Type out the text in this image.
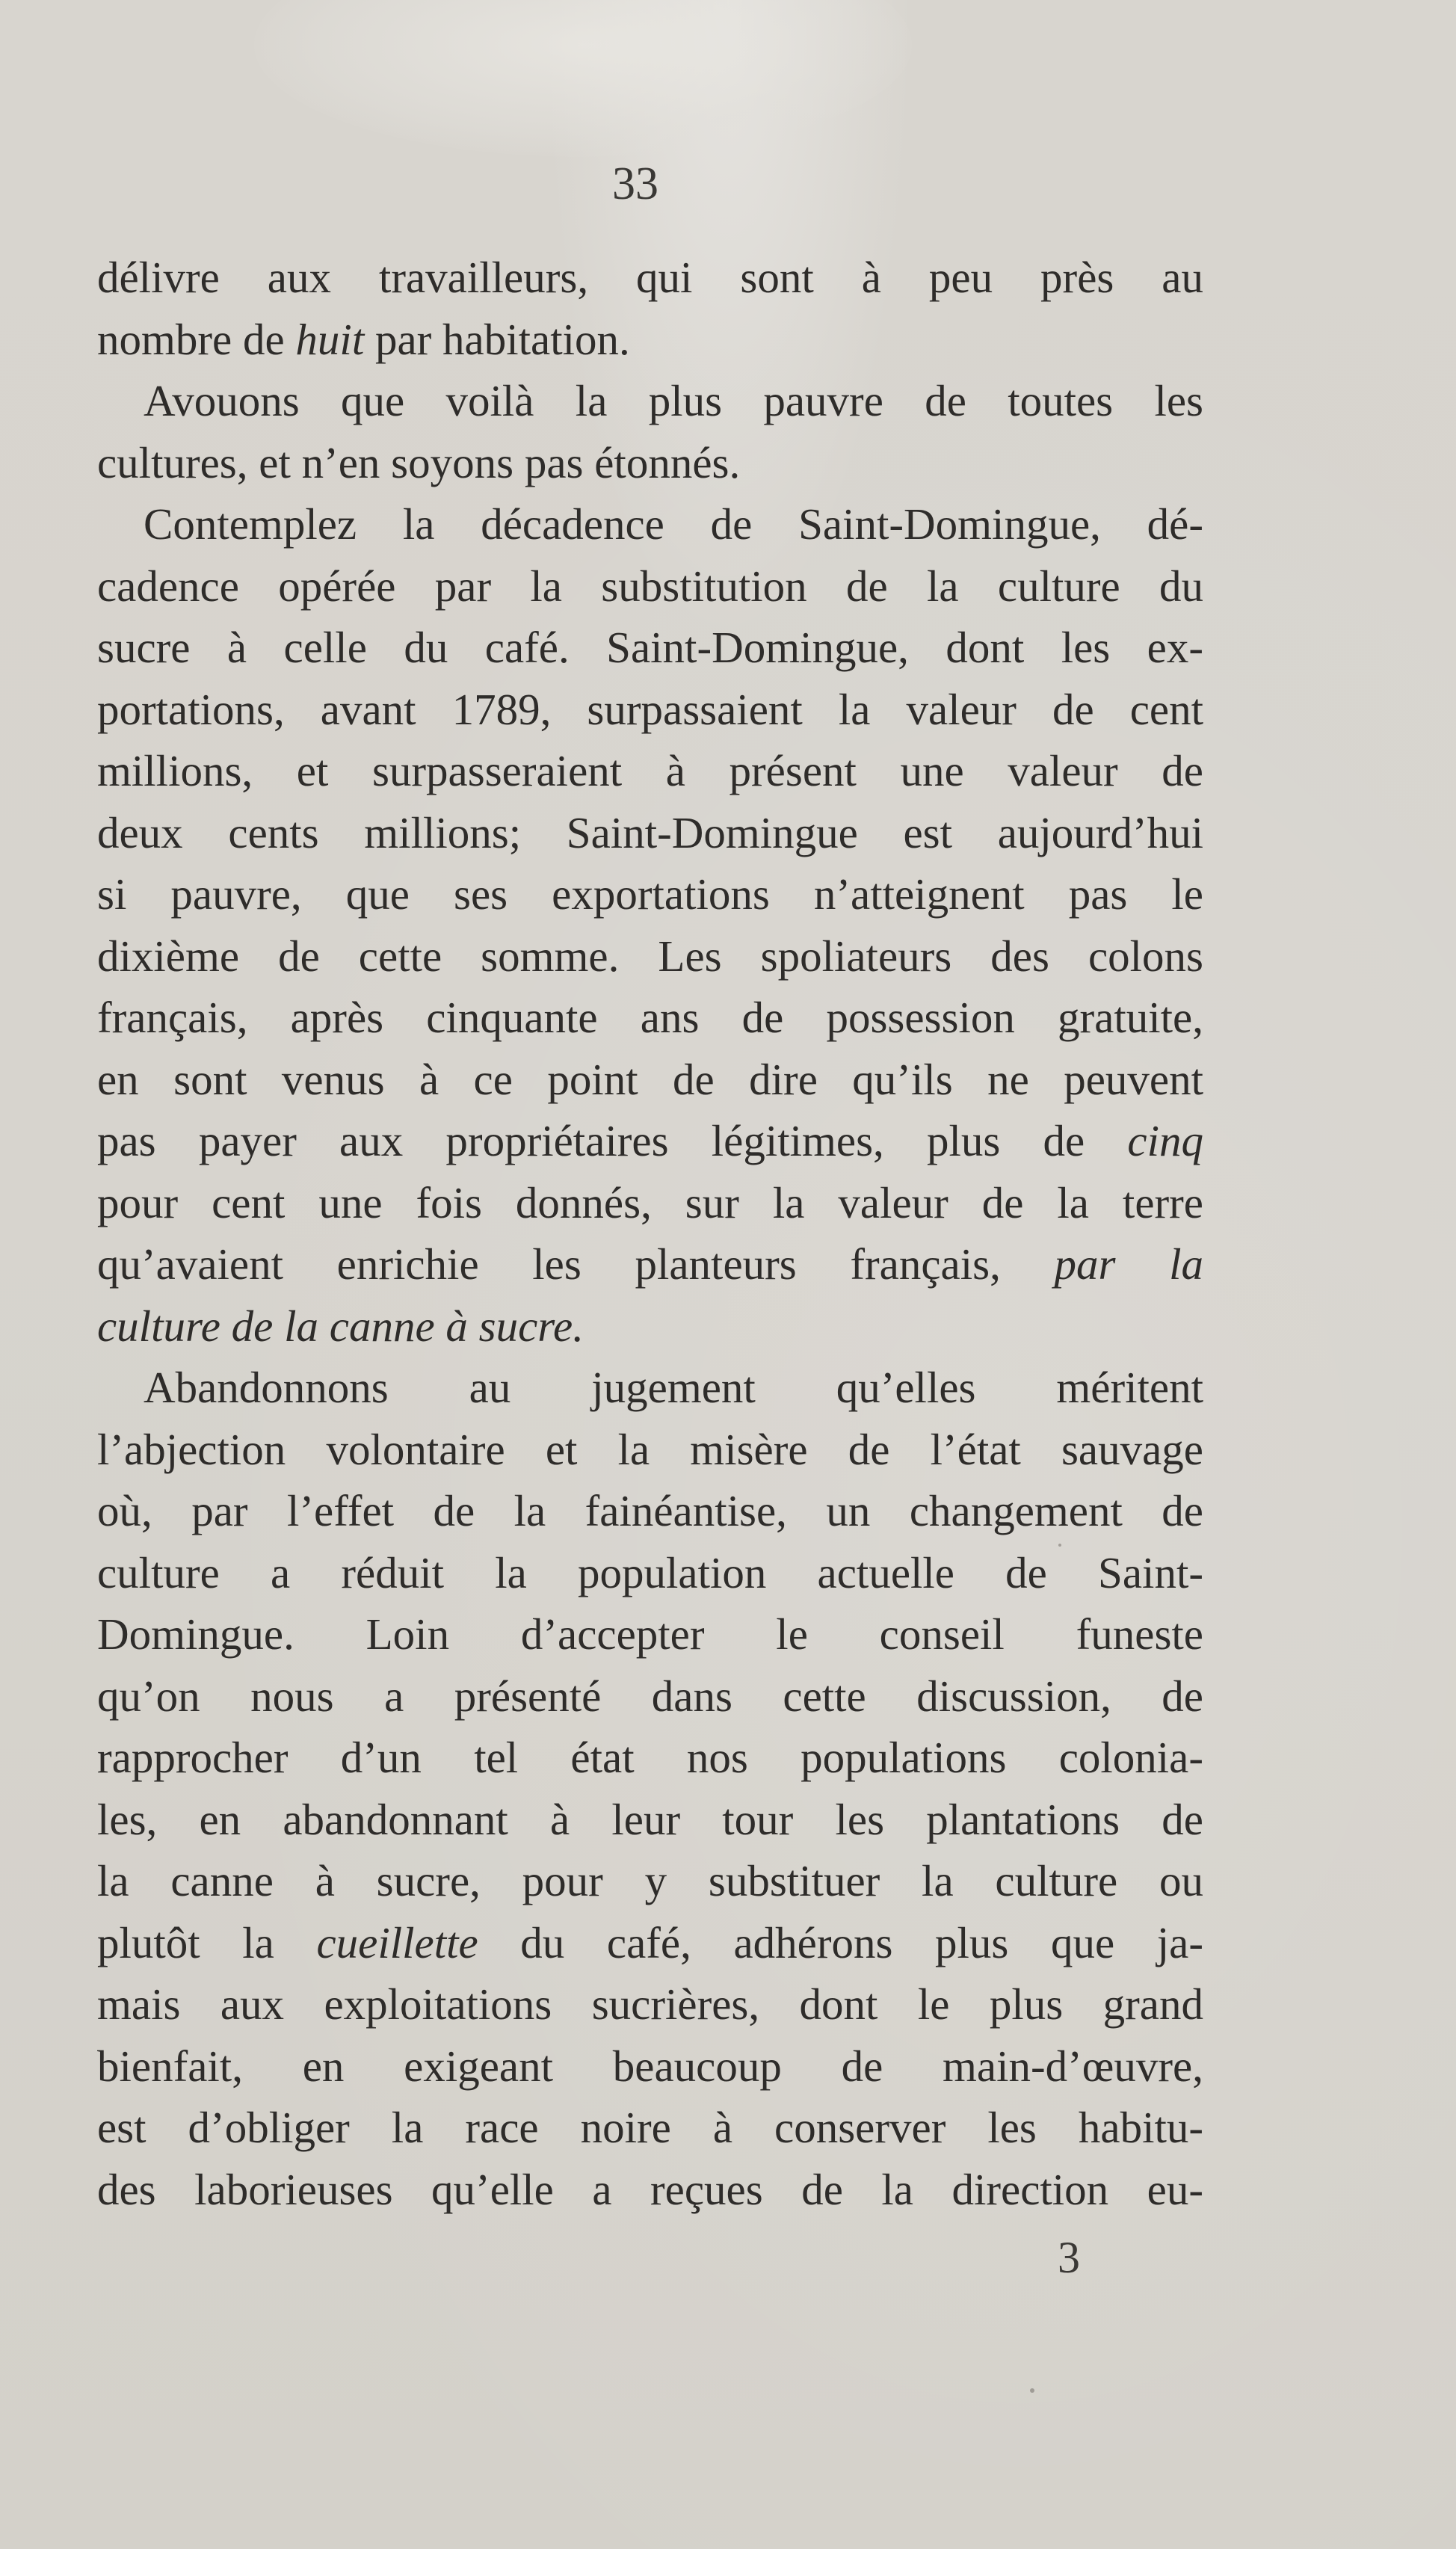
33
délivre aux travailleurs, qui sont à peu près au
nombre de huit par habitation.
Avouons que voilà la plus pauvre de toutes les
cultures, et n’en soyons pas étonnés.
Contemplez la décadence de Saint-Domingue, dé-
cadence opérée par la substitution de la culture du
sucre à celle du café. Saint-Domingue, dont les ex-
portations, avant 1789, surpassaient la valeur de cent
millions, et surpasseraient à présent une valeur de
deux cents millions; Saint-Domingue est aujourd’hui
si pauvre, que ses exportations n’atteignent pas le
dixième de cette somme. Les spoliateurs des colons
français, après cinquante ans de possession gratuite,
en sont venus à ce point de dire qu’ils ne peuvent
pas payer aux propriétaires légitimes, plus de cinq
pour cent une fois donnés, sur la valeur de la terre
qu’avaient enrichie les planteurs français, par la
culture de la canne à sucre.
Abandonnons au jugement qu’elles méritent
l’abjection volontaire et la misère de l’état sauvage
où, par l’effet de la fainéantise, un changement de
culture a réduit la population actuelle de Saint-
Domingue. Loin d’accepter le conseil funeste
qu’on nous a présenté dans cette discussion, de
rapprocher d’un tel état nos populations colonia-
les, en abandonnant à leur tour les plantations de
la canne à sucre, pour y substituer la culture ou
plutôt la cueillette du café, adhérons plus que ja-
mais aux exploitations sucrières, dont le plus grand
bienfait, en exigeant beaucoup de main-d’œuvre,
est d’obliger la race noire à conserver les habitu-
des laborieuses qu’elle a reçues de la direction eu-
3
